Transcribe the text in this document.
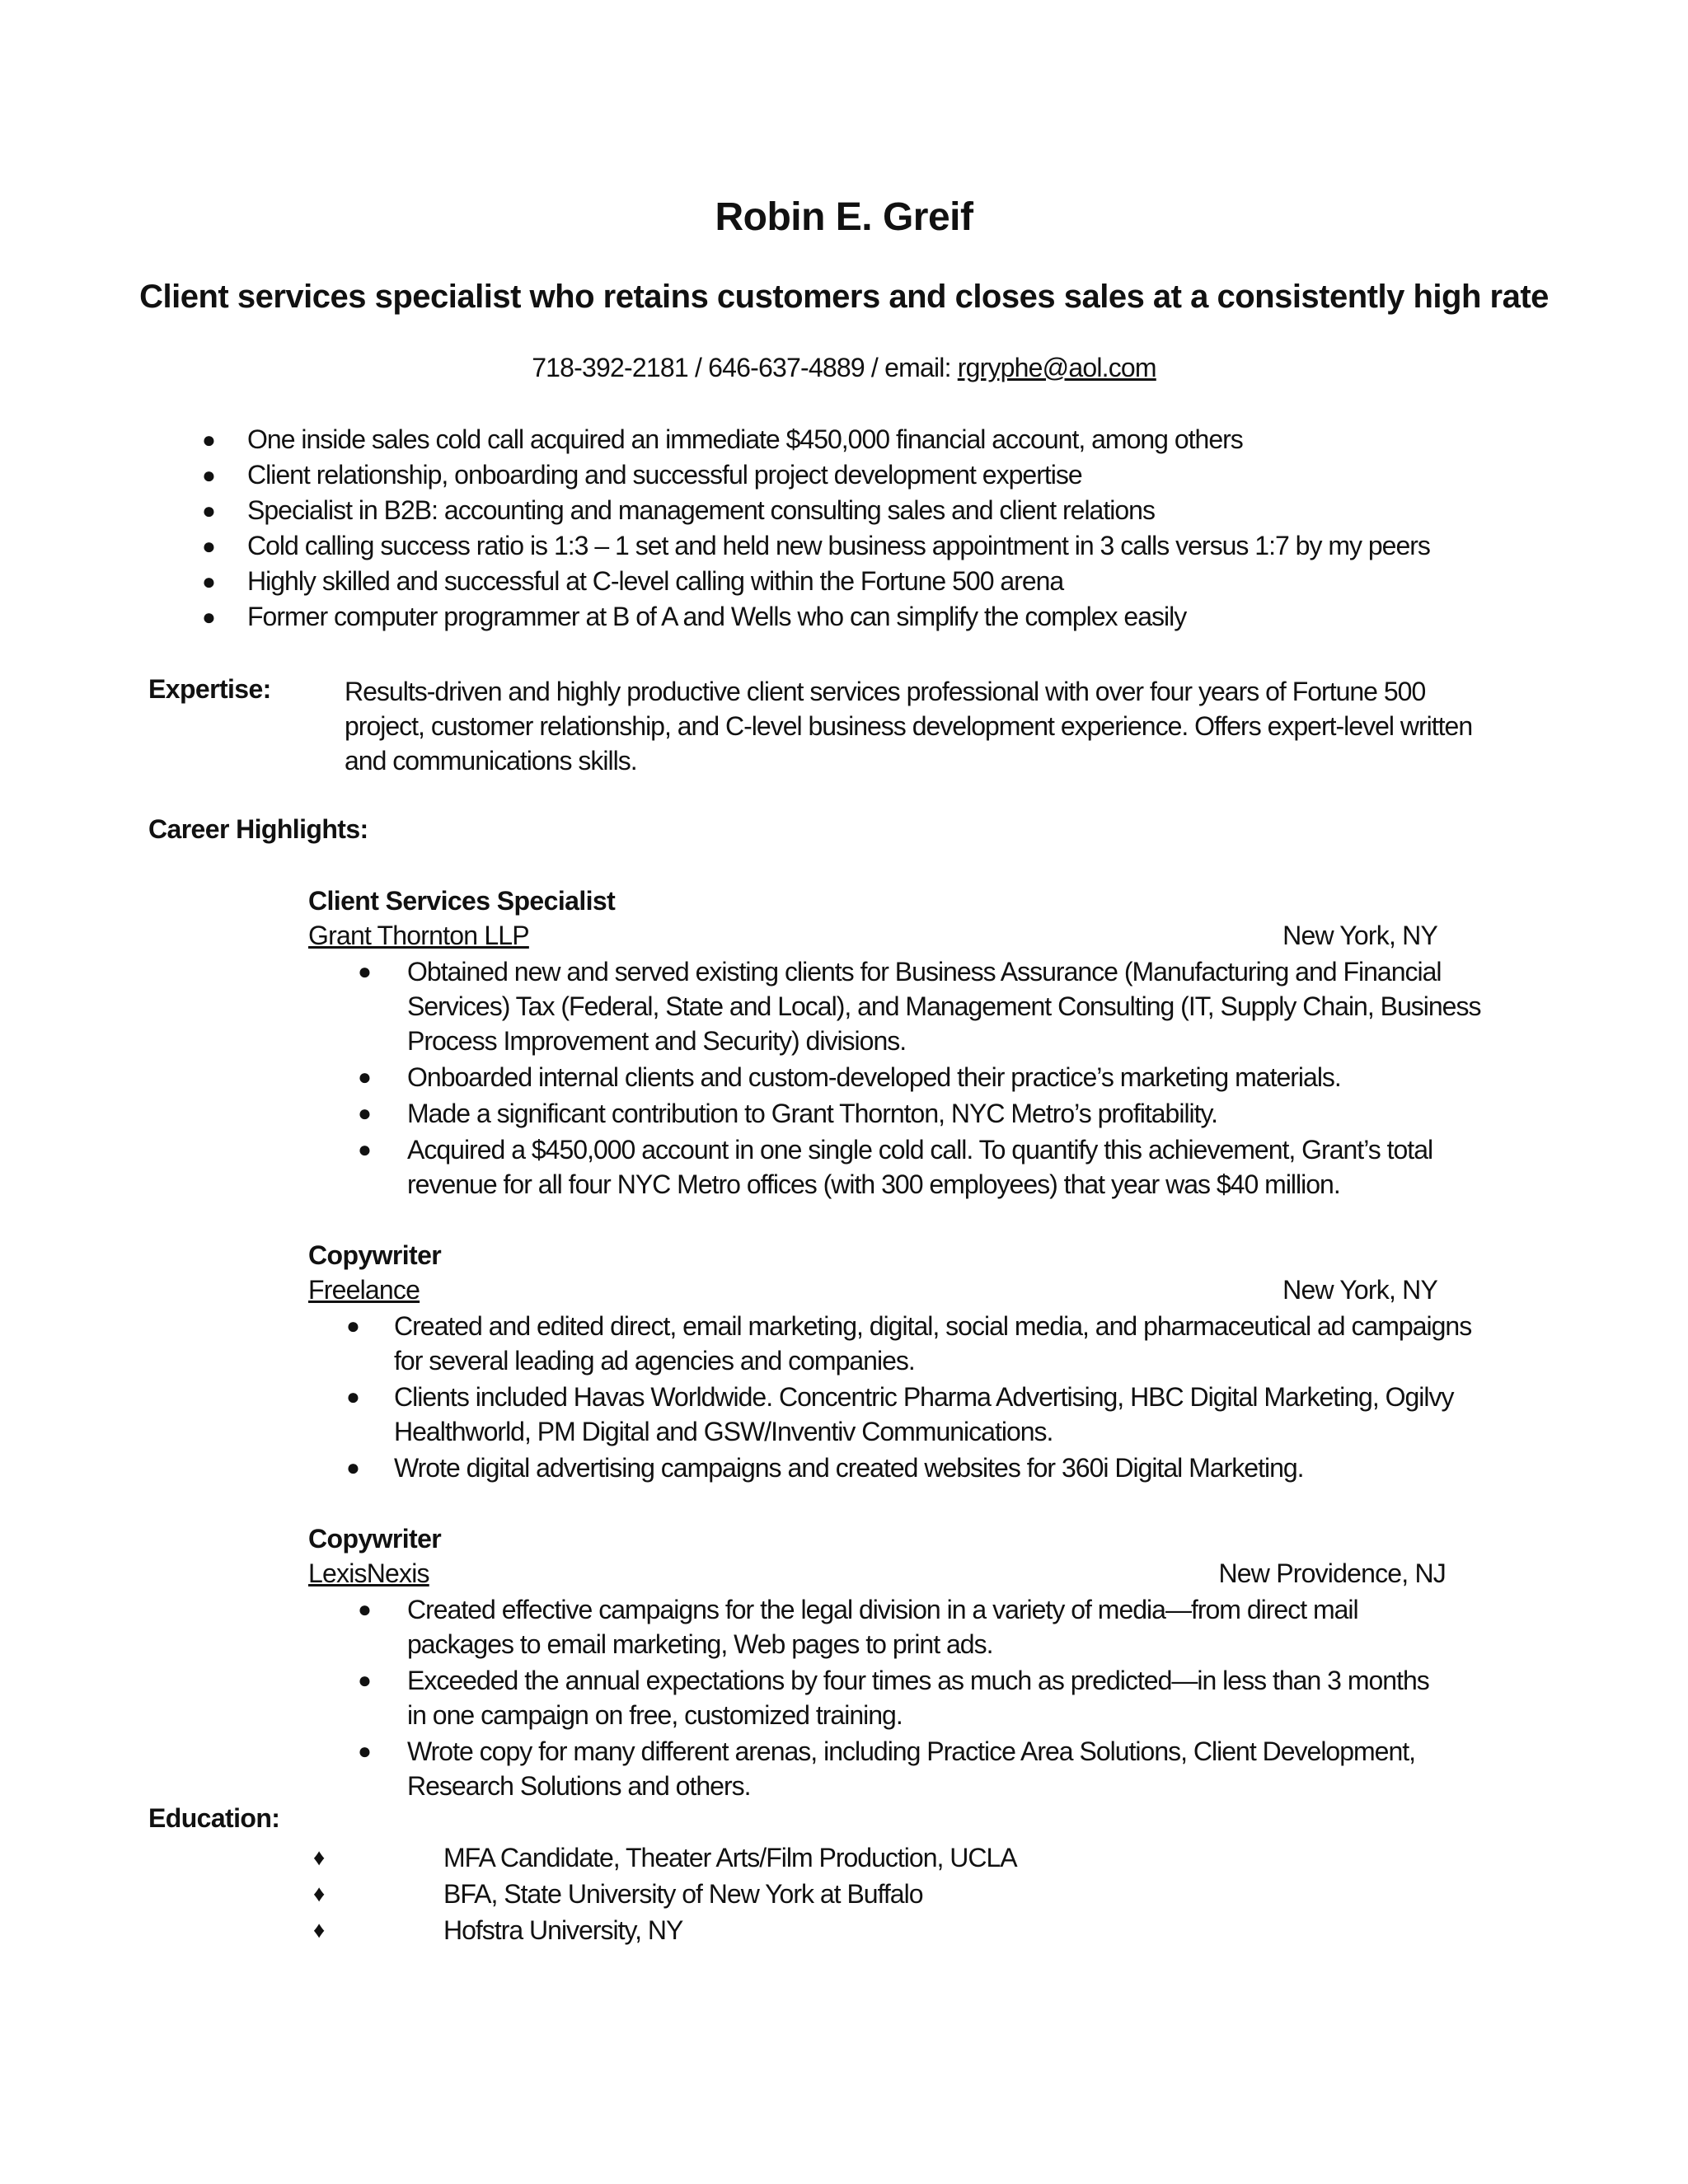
Robin E. Greif
Client services specialist who retains customers and closes sales at a consistently high rate
718-392-2181 / 646-637-4889 / email: rgryphe@aol.com
● One inside sales cold call acquired an immediate $450,000 financial account, among others
● Client relationship, onboarding and successful project development expertise
● Specialist in B2B: accounting and management consulting sales and client relations
● Cold calling success ratio is 1:3 – 1 set and held new business appointment in 3 calls versus 1:7 by my peers
● Highly skilled and successful at C-level calling within the Fortune 500 arena
● Former computer programmer at B of A and Wells who can simplify the complex easily
Expertise:	Results-driven and highly productive client services professional with over four years of Fortune 500 project, customer relationship, and C-level business development experience. Offers expert-level written and communications skills.
Career Highlights:
Client Services Specialist
Grant Thornton LLP	New York, NY
● Obtained new and served existing clients for Business Assurance (Manufacturing and Financial Services) Tax (Federal, State and Local), and Management Consulting (IT, Supply Chain, Business Process Improvement and Security) divisions.
● Onboarded internal clients and custom-developed their practice’s marketing materials.
● Made a significant contribution to Grant Thornton, NYC Metro’s profitability.
● Acquired a $450,000 account in one single cold call. To quantify this achievement, Grant’s total revenue for all four NYC Metro offices (with 300 employees) that year was $40 million.
Copywriter
Freelance	New York, NY
● Created and edited direct, email marketing, digital, social media, and pharmaceutical ad campaigns for several leading ad agencies and companies.
● Clients included Havas Worldwide. Concentric Pharma Advertising, HBC Digital Marketing, Ogilvy Healthworld, PM Digital and GSW/Inventiv Communications.
● Wrote digital advertising campaigns and created websites for 360i Digital Marketing.
Copywriter
LexisNexis	New Providence, NJ
● Created effective campaigns for the legal division in a variety of media—from direct mail packages to email marketing, Web pages to print ads.
● Exceeded the annual expectations by four times as much as predicted—in less than 3 months in one campaign on free, customized training.
● Wrote copy for many different arenas, including Practice Area Solutions, Client Development, Research Solutions and others.
Education:
♦	MFA Candidate, Theater Arts/Film Production, UCLA
♦	BFA, State University of New York at Buffalo
♦	Hofstra University, NY
